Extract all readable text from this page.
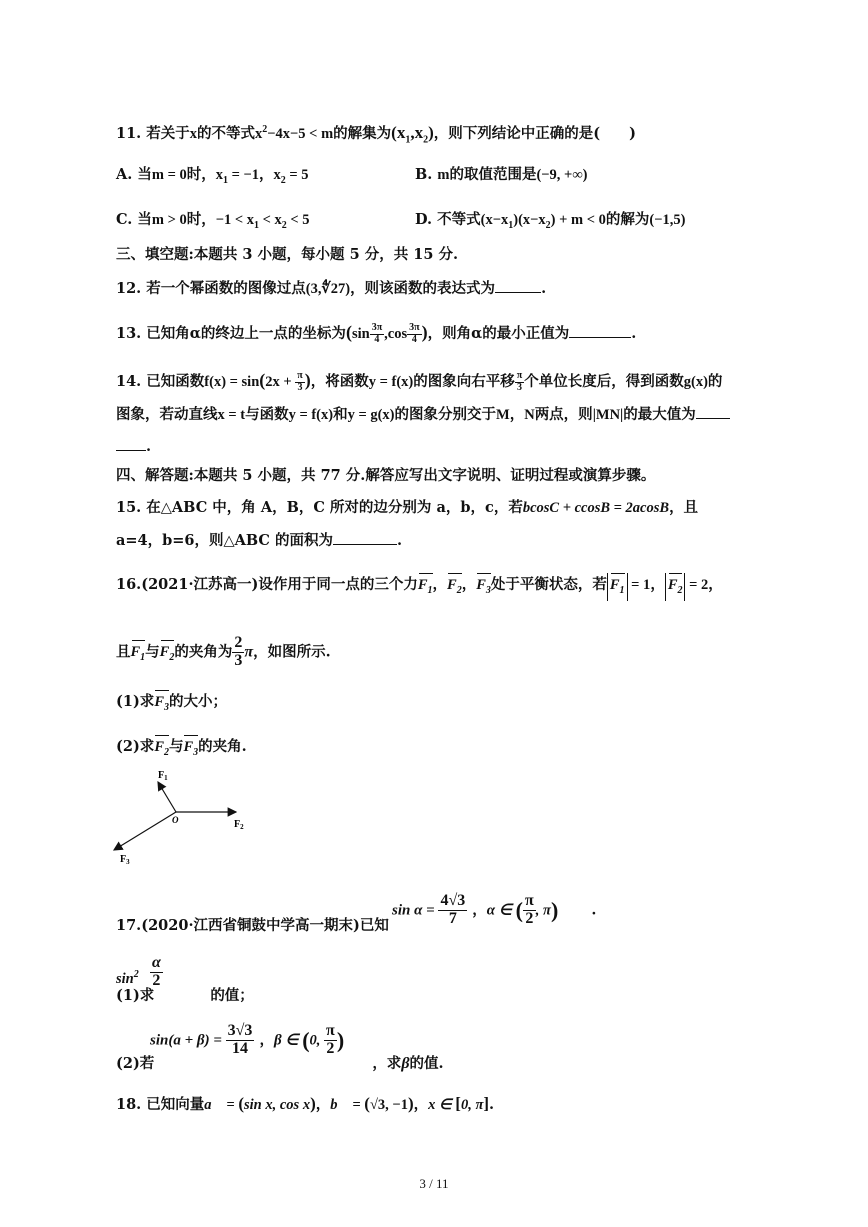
11. 若关于x的不等式$x^2-4x-5 < m$的解集为$(x_1,x_2)$，则下列结论中正确的是(　　)
A. 当m = 0时，$x_1 = -1$，$x_2 = 5$	B. m的取值范围是(−9, +∞)
C. 当m > 0时，$-1 < x_1 < x_2 < 5$	D. 不等式$(x-x_1)(x-x_2) + m < 0$的解为(−1,5)
三、填空题:本题共 3 小题，每小题 5 分，共 15 分.
12. 若一个幂函数的图像过点(3,∜27)，则该函数的表达式为	.
13. 已知角α的终边上一点的坐标为($\sin \frac{3\pi}{4} ,\cos \frac{3\pi}{4}$ )，则角α的最小正值为	.
14. 已知函数$f(x) = \sin(2x + \frac{\pi}{3}$ )，将函数y = f(x)的图象向右平移 $\frac{\pi}{3}$ 个单位长度后，得到函数g(x)的
图象，若动直线x = t与函数y = f(x)和y = g(x)的图象分别交于M，N两点，则|MN|的最大值为
.
四、解答题:本题共 5 小题，共 77 分.解答应写出文字说明、证明过程或演算步骤。
15. 在△ABC 中，角 A，B，C 所对的边分别为 a，b，c，若bcosC + ccosB = 2acosB，且
a=4，b=6，则△ABC 的面积为	.
16.(2021·江苏高一)设作用于同一点的三个力$F_1$，$F_2$，$F_3$处于平衡状态，若 $F_1 = 1$， $F_2 = 2$，
且$F_1$与$F_2$的夹角为 $\frac{2}{3}$ π，如图所示.
(1)求$F_3$的大小；
(2)求$F_2$与$F_3$的夹角.
$F_1$
$F_2$
$F_3$
O
$\sin \alpha = \frac{4√3}{7}$ ，α ∈ ( $\frac{\pi}{2}$ , π) .
17.(2020·江西省铜鼓中学高一期末)已知
$\sin^2$

$\frac{\alpha}{2}$
(1)求	的值；
$\sin(a + \beta) = \frac{3√3}{14}$ ，β ∈ (0, $\frac{\pi}{2}$ )
(2)若	，求β的值.
18. 已知向量a⃗ = (sin x, cos x)，b⃗ = (√3, −1)，x ∈ [0, π].
3 / 11
